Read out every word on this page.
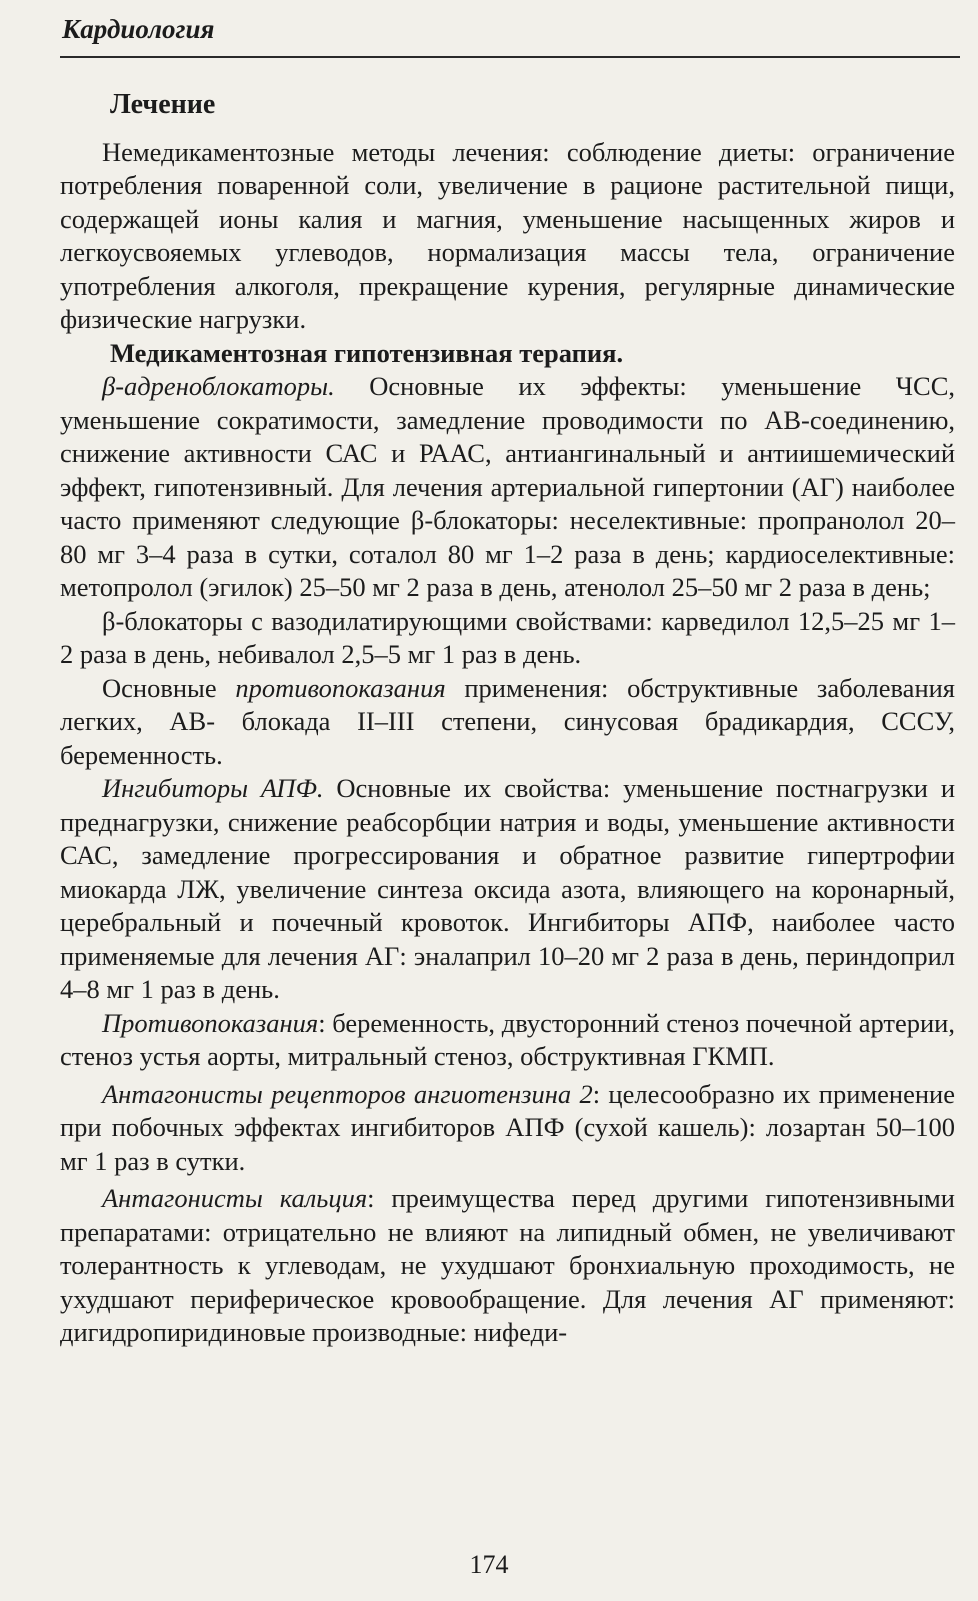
Кардиология
Лечение

Немедикаментозные методы лечения: соблюдение диеты: ограничение потребления поваренной соли, увеличение в рационе растительной пищи, содержащей ионы калия и магния, уменьшение насыщенных жиров и легкоусвояемых углеводов, нормализация массы тела, ограничение употребления алкоголя, прекращение курения, регулярные динамические физические нагрузки.

Медикаментозная гипотензивная терапия.

β-адреноблокаторы. Основные их эффекты: уменьшение ЧСС, уменьшение сократимости, замедление проводимости по АВ-соединению, снижение активности САС и РААС, антиангинальный и антиишемический эффект, гипотензивный. Для лечения артериальной гипертонии (АГ) наиболее часто применяют следующие β-блокаторы: неселективные: пропранолол 20–80 мг 3–4 раза в сутки, соталол 80 мг 1–2 раза в день; кардиоселективные: метопролол (эгилок) 25–50 мг 2 раза в день, атенолол 25–50 мг 2 раза в день;

β-блокаторы с вазодилатирующими свойствами: карведилол 12,5–25 мг 1–2 раза в день, небивалол 2,5–5 мг 1 раз в день.

Основные противопоказания применения: обструктивные заболевания легких, АВ- блокада II–III степени, синусовая брадикардия, СССУ, беременность.

Ингибиторы АПФ. Основные их свойства: уменьшение постнагрузки и преднагрузки, снижение реабсорбции натрия и воды, уменьшение активности САС, замедление прогрессирования и обратное развитие гипертрофии миокарда ЛЖ, увеличение синтеза оксида азота, влияющего на коронарный, церебральный и почечный кровоток. Ингибиторы АПФ, наиболее часто применяемые для лечения АГ: эналаприл 10–20 мг 2 раза в день, периндоприл 4–8 мг 1 раз в день.

Противопоказания: беременность, двусторонний стеноз почечной артерии, стеноз устья аорты, митральный стеноз, обструктивная ГКМП.

Антагонисты рецепторов ангиотензина 2: целесообразно их применение при побочных эффектах ингибиторов АПФ (сухой кашель): лозартан 50–100 мг 1 раз в сутки.

Антагонисты кальция: преимущества перед другими гипотензивными препаратами: отрицательно не влияют на липидный обмен, не увеличивают толерантность к углеводам, не ухудшают бронхиальную проходимость, не ухудшают периферическое кровообращение. Для лечения АГ применяют: дигидропиридиновые производные: нифеди-

174
